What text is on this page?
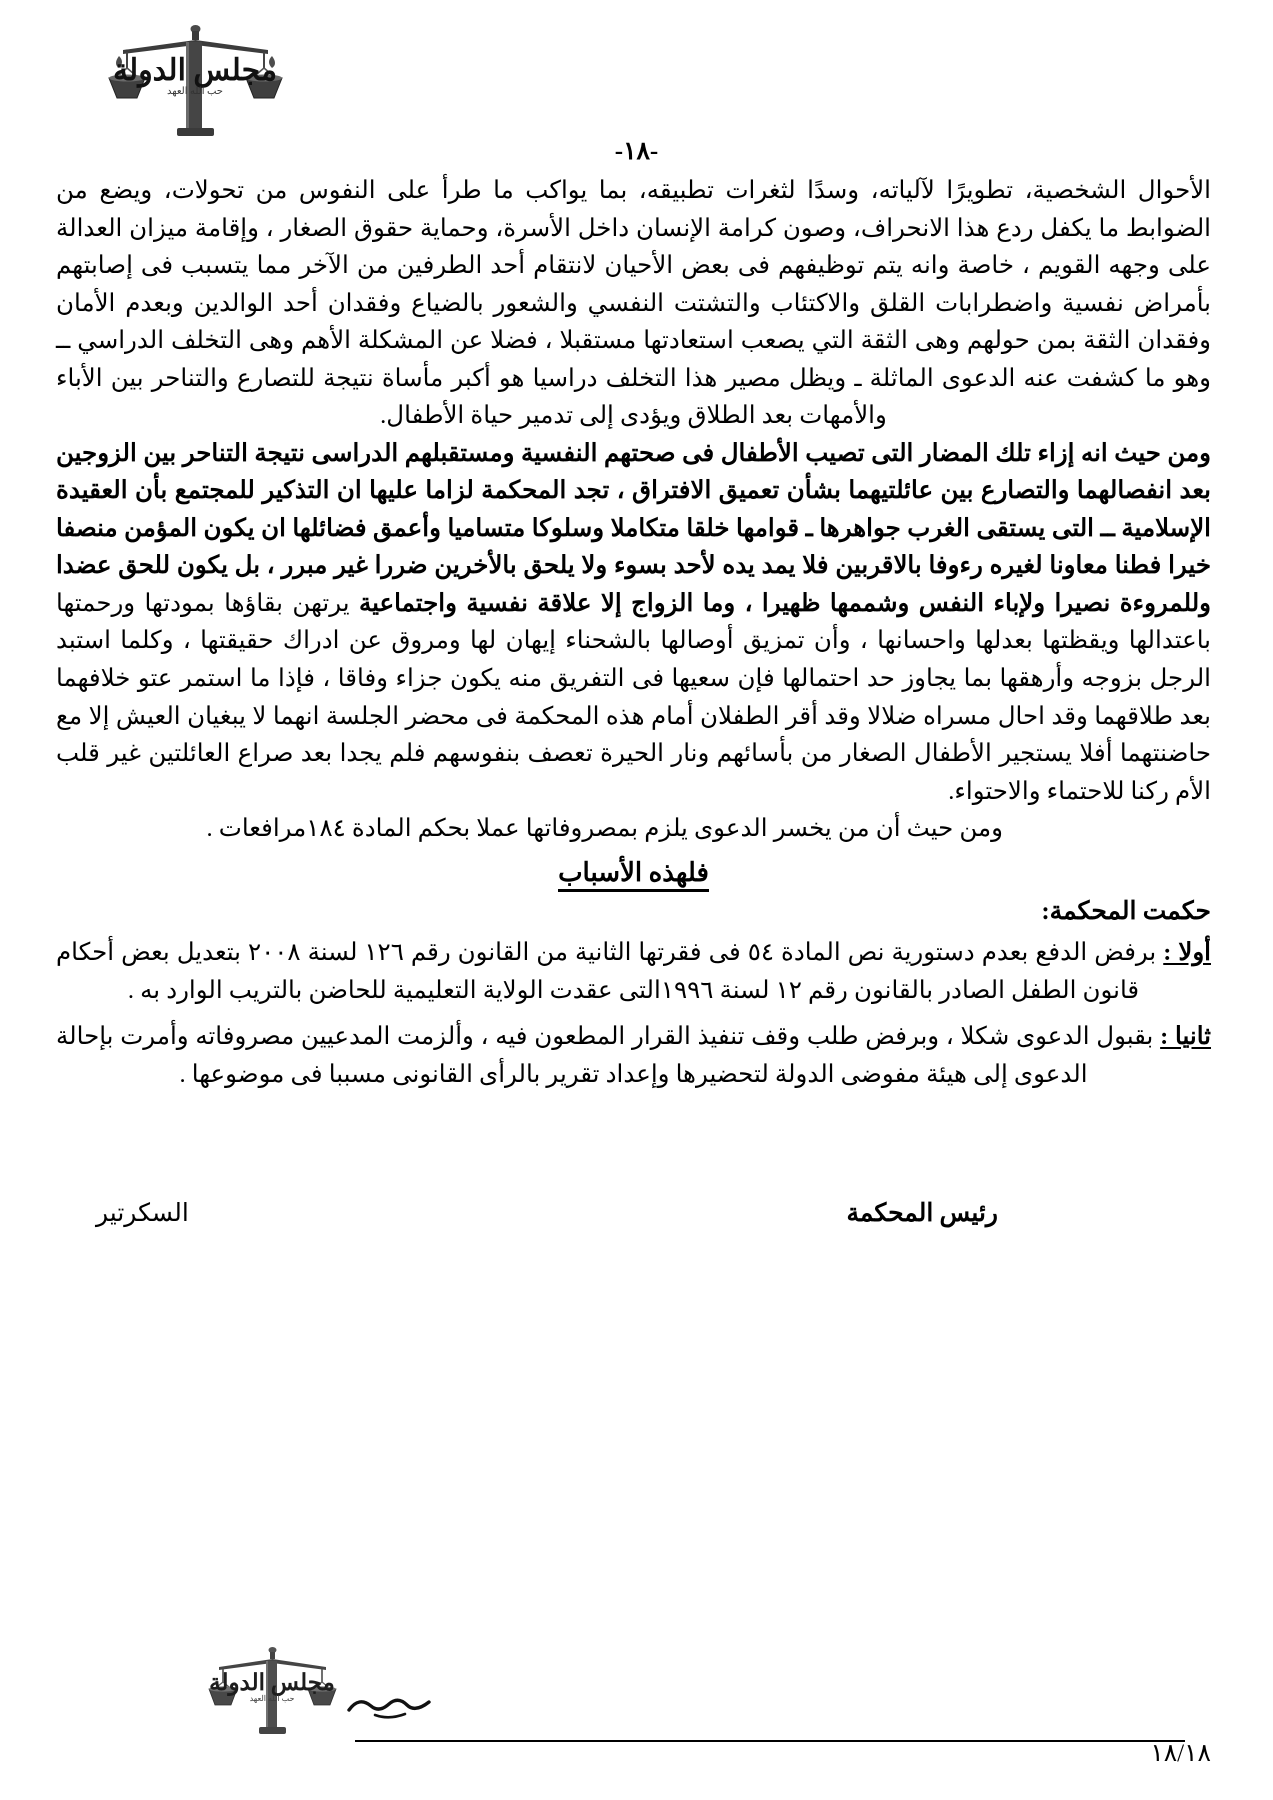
مجلس الدولة
حب الله العهد
-١٨-

الأحوال الشخصية، تطويرًا لآلياته، وسدًا لثغرات تطبيقه، بما يواكب ما طرأ على النفوس من تحولات، ويضع من الضوابط ما يكفل ردع هذا الانحراف، وصون كرامة الإنسان داخل الأسرة، وحماية حقوق الصغار ، وإقامة ميزان العدالة على وجهه القويم ، خاصة وانه يتم توظيفهم فى بعض الأحيان لانتقام أحد الطرفين من الآخر مما يتسبب فى إصابتهم بأمراض نفسية واضطرابات القلق والاكتئاب والتشتت النفسي والشعور بالضياع وفقدان أحد الوالدين وبعدم الأمان وفقدان الثقة بمن حولهم وهى الثقة التي يصعب استعادتها مستقبلا ، فضلا عن المشكلة الأهم وهى التخلف الدراسي ــ وهو ما كشفت عنه الدعوى الماثلة ـ ويظل مصير هذا التخلف دراسيا هو أكبر مأساة نتيجة للتصارع والتناحر بين الأباء والأمهات بعد الطلاق ويؤدى إلى تدمير حياة الأطفال.

ومن حيث انه إزاء تلك المضار التى تصيب الأطفال فى صحتهم النفسية ومستقبلهم الدراسى نتيجة التناحر بين الزوجين بعد انفصالهما والتصارع بين عائلتيهما بشأن تعميق الافتراق ، تجد المحكمة لزاما عليها ان التذكير للمجتمع بأن العقيدة الإسلامية ــ التى يستقى الغرب جواهرها ـ قوامها خلقا متكاملا وسلوكا متساميا وأعمق فضائلها ان يكون المؤمن منصفا خيرا فطنا معاونا لغيره رءوفا بالاقربين فلا يمد يده لأحد بسوء ولا يلحق بالأخرين ضررا غير مبرر ، بل يكون للحق عضدا وللمروءة نصيرا ولإباء النفس وشممها ظهيرا ، وما الزواج إلا علاقة نفسية واجتماعية يرتهن بقاؤها بمودتها ورحمتها باعتدالها ويقظتها بعدلها واحسانها ، وأن تمزيق أوصالها بالشحناء إيهان لها ومروق عن ادراك حقيقتها ، وكلما استبد الرجل بزوجه وأرهقها بما يجاوز حد احتمالها فإن سعيها فى التفريق منه يكون جزاء وفاقا ، فإذا ما استمر عتو خلافهما بعد طلاقهما وقد احال مسراه ضلالا وقد أقر الطفلان أمام هذه المحكمة فى محضر الجلسة انهما لا يبغيان العيش إلا مع حاضنتهما أفلا يستجير الأطفال الصغار من بأسائهم ونار الحيرة تعصف بنفوسهم فلم يجدا بعد صراع العائلتين غير قلب الأم ركنا للاحتماء والاحتواء.

ومن حيث أن من يخسر الدعوى يلزم بمصروفاتها عملا بحكم المادة ١٨٤مرافعات .

فلهذه الأسباب
حكمت المحكمة:

أولا : برفض الدفع بعدم دستورية نص المادة ٥٤ فى فقرتها الثانية من القانون رقم ١٢٦ لسنة ٢٠٠٨ بتعديل بعض أحكام قانون الطفل الصادر بالقانون رقم ١٢ لسنة ١٩٩٦التى عقدت الولاية التعليمية للحاضن بالتريب الوارد به .

ثانيا : بقبول الدعوى شكلا ، وبرفض طلب وقف تنفيذ القرار المطعون فيه ، وألزمت المدعيين مصروفاته وأمرت بإحالة الدعوى إلى هيئة مفوضى الدولة لتحضيرها وإعداد تقرير بالرأى القانونى مسببا فى موضوعها .

رئيس المحكمة
السكرتير
مجلس الدولة
حب الله العهد
١٨/١٨
